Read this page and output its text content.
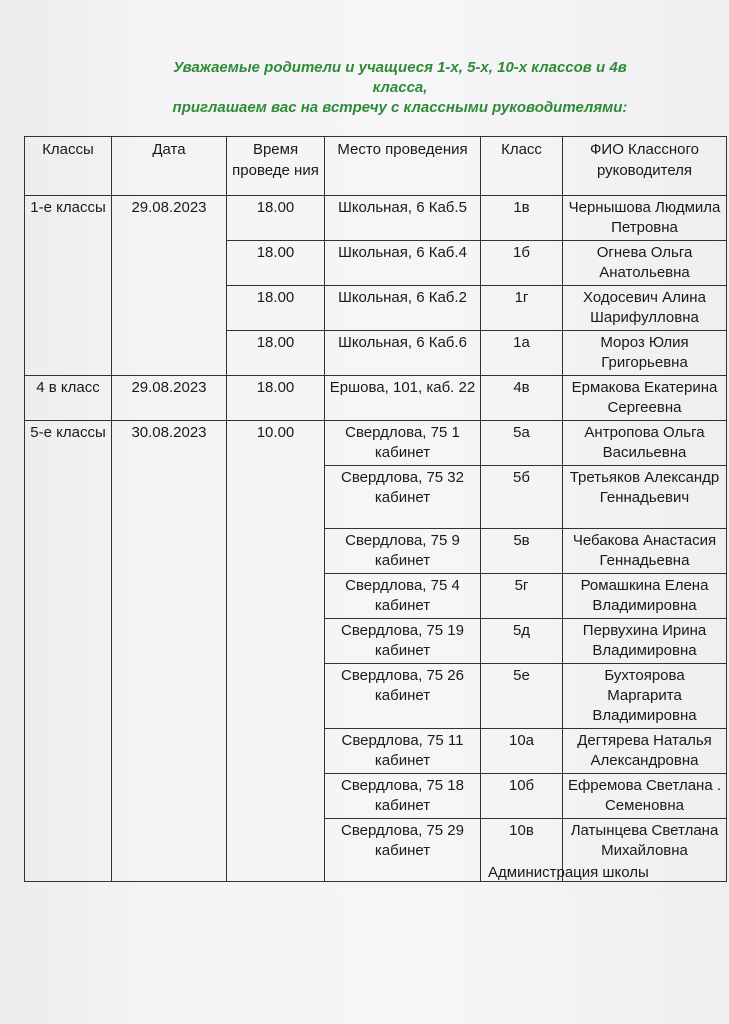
Уважаемые родители и учащиеся 1-х, 5-х, 10-х классов и 4в
класса,
приглашаем вас на встречу с классными руководителями:
Классы	Дата	Время проведе ния	Место проведения	Класс	ФИО Классного руководителя
1-е классы	29.08.2023	18.00	Школьная, 6 Каб.5	1в	Чернышова Людмила Петровна
		18.00	Школьная, 6 Каб.4	1б	Огнева Ольга Анатольевна
		18.00	Школьная, 6 Каб.2	1г	Ходосевич Алина Шарифулловна
		18.00	Школьная, 6 Каб.6	1а	Мороз Юлия Григорьевна
4 в класс	29.08.2023	18.00	Ершова, 101, каб. 22	4в	Ермакова Екатерина Сергеевна
5-е классы	30.08.2023	10.00	Свердлова, 75 1 кабинет	5а	Антропова Ольга Васильевна
			Свердлова, 75 32 кабинет	5б	Третьяков Александр Геннадьевич
			Свердлова, 75 9 кабинет	5в	Чебакова Анастасия Геннадьевна
			Свердлова, 75 4 кабинет	5г	Ромашкина Елена Владимировна
			Свердлова, 75 19 кабинет	5д	Первухина Ирина Владимировна
			Свердлова, 75 26 кабинет	5е	Бухтоярова Маргарита Владимировна
			Свердлова, 75 11 кабинет	10а	Дегтярева Наталья Александровна
			Свердлова, 75 18 кабинет	10б	Ефремова Светлана . Семеновна
			Свердлова, 75 29 кабинет	10в	Латынцева Светлана Михайловна
Администрация школы
